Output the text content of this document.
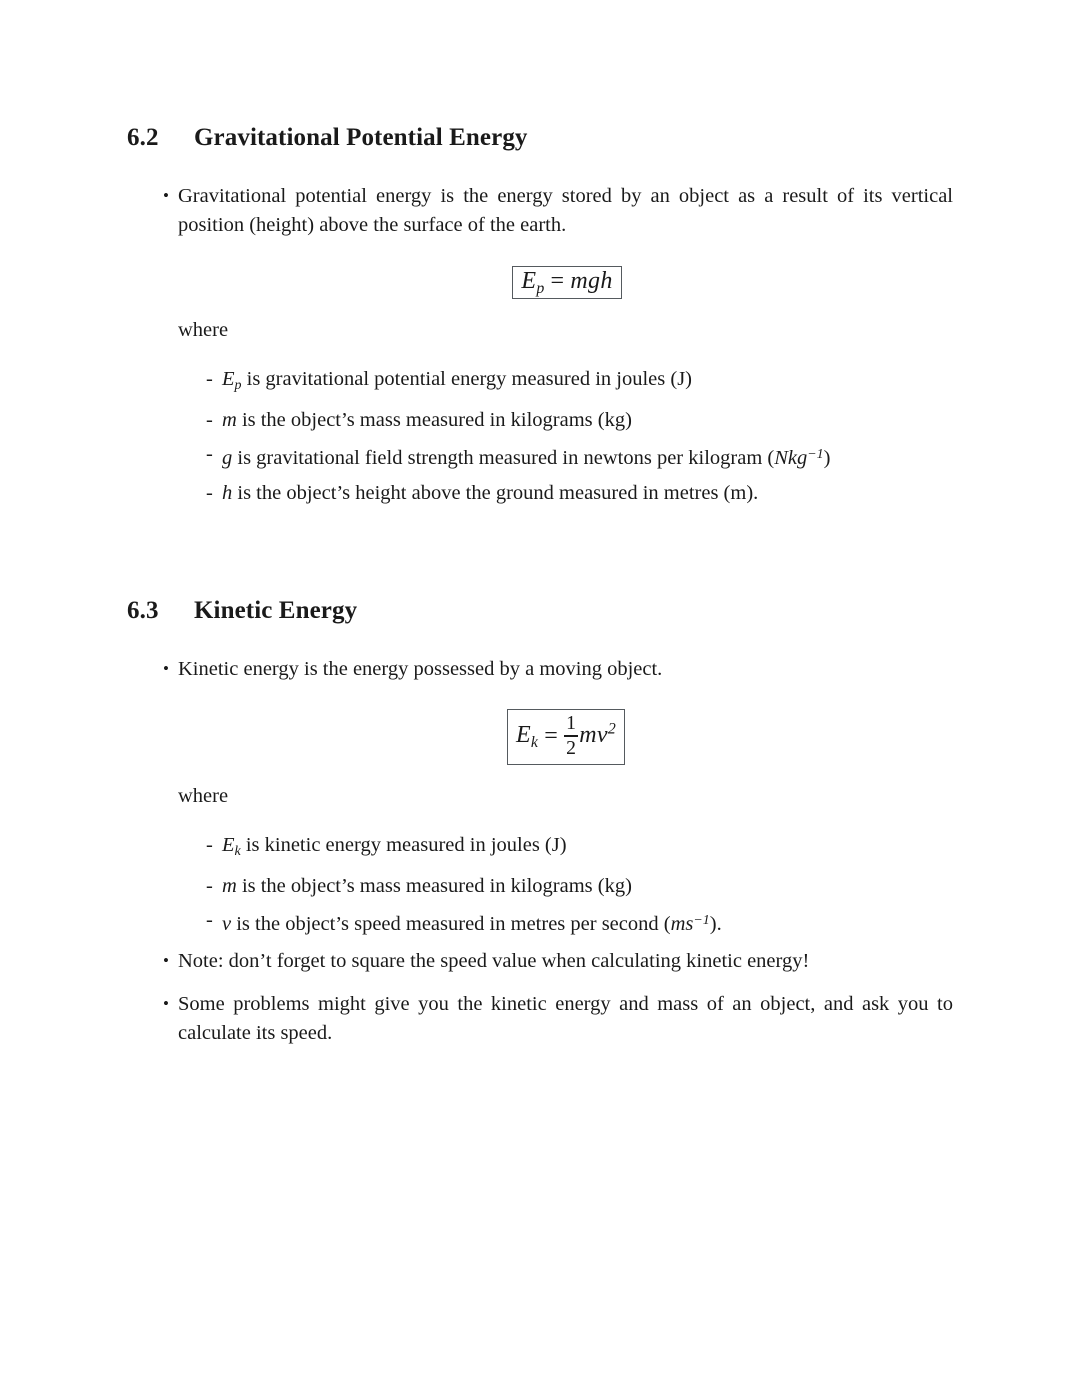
6.2 Gravitational Potential Energy
• Gravitational potential energy is the energy stored by an object as a result of its vertical position (height) above the surface of the earth.
$E_p$ = mgh
where
- $E_p$ is gravitational potential energy measured in joules (J)
- m is the object’s mass measured in kilograms (kg)
- g is gravitational field strength measured in newtons per kilogram (Nkg$^{-1}$)
- h is the object’s height above the ground measured in metres (m).
6.3 Kinetic Energy
• Kinetic energy is the energy possessed by a moving object.
$E_k = \frac{1}{2} mv^2$
where
- $E_k$ is kinetic energy measured in joules (J)
- m is the object’s mass measured in kilograms (kg)
- v is the object’s speed measured in metres per second $(ms^{-1})$.
• Note: don’t forget to square the speed value when calculating kinetic energy!
• Some problems might give you the kinetic energy and mass of an object, and ask you to calculate its speed.
